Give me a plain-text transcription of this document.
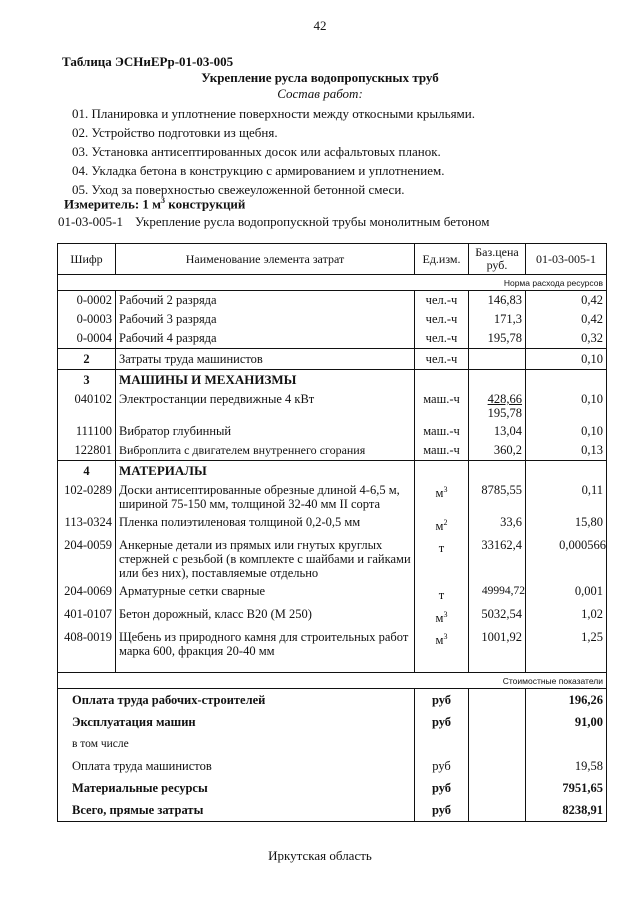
42
Таблица ЭСНиЕРр-01-03-005
Укрепление русла водопропускных труб
Состав работ:
01. Планировка и уплотнение поверхности между откосными крыльями.
02. Устройство подготовки из щебня.
03. Установка антисептированных досок или асфальтовых планок.
04. Укладка бетона в конструкцию с армированием и уплотнением.
05. Уход за поверхностью свежеуложенной бетонной смеси.
Измеритель: 1 $м^3$ конструкций
01-03-005-1 Укрепление русла водопропускной трубы монолитным бетоном
Шифр	Наименование элемента затрат	Ед.изм.	Баз.цена руб.	01-03-005-1
Норма расхода ресурсов				
0-0002	Рабочий 2 разряда	чел.-ч	146,83	0,42
0-0003	Рабочий 3 разряда	чел.-ч	171,3	0,42
0-0004	Рабочий 4 разряда	чел.-ч	195,78	0,32
2	Затраты труда машинистов	чел.-ч		0,10
3	МАШИНЫ И МЕХАНИЗМЫ			
040102	Электростанции передвижные 4 кВт	маш.-ч	$\frac{428,66}{195,78}$	0,10
111100	Вибратор глубинный	маш.-ч	13,04	0,10
122801	Виброплита с двигателем внутреннего сгорания	маш.-ч	360,2	0,13
4	МАТЕРИАЛЫ			
102-0289	Доски антисептированные обрезные длиной 4-6,5 м, шириной 75-150 мм, толщиной 32-40 мм II сорта	$м^3$	8785,55	0,11
113-0324	Пленка полиэтиленовая толщиной 0,2-0,5 мм	$м^2$	33,6	15,80
204-0059	Анкерные детали из прямых или гнутых круглых стержней с резьбой (в комплекте с шайбами и гайками или без них), поставляемые отдельно	т	33162,4	0,000566
204-0069	Арматурные сетки сварные	т	49994,72	0,001
401-0107	Бетон дорожный, класс В20 (М 250)	$м^3$	5032,54	1,02
408-0019	Щебень из природного камня для строительных работ марка 600, фракция 20-40 мм	$м^3$	1001,92	1,25
Стоимостные показатели				
Оплата труда рабочих-строителей		руб		196,26
Эксплуатация машин		руб		91,00
в том числе				
Оплата труда машинистов		руб		19,58
Материальные ресурсы		руб		7951,65
Всего, прямые затраты		руб		8238,91
Иркутская область
